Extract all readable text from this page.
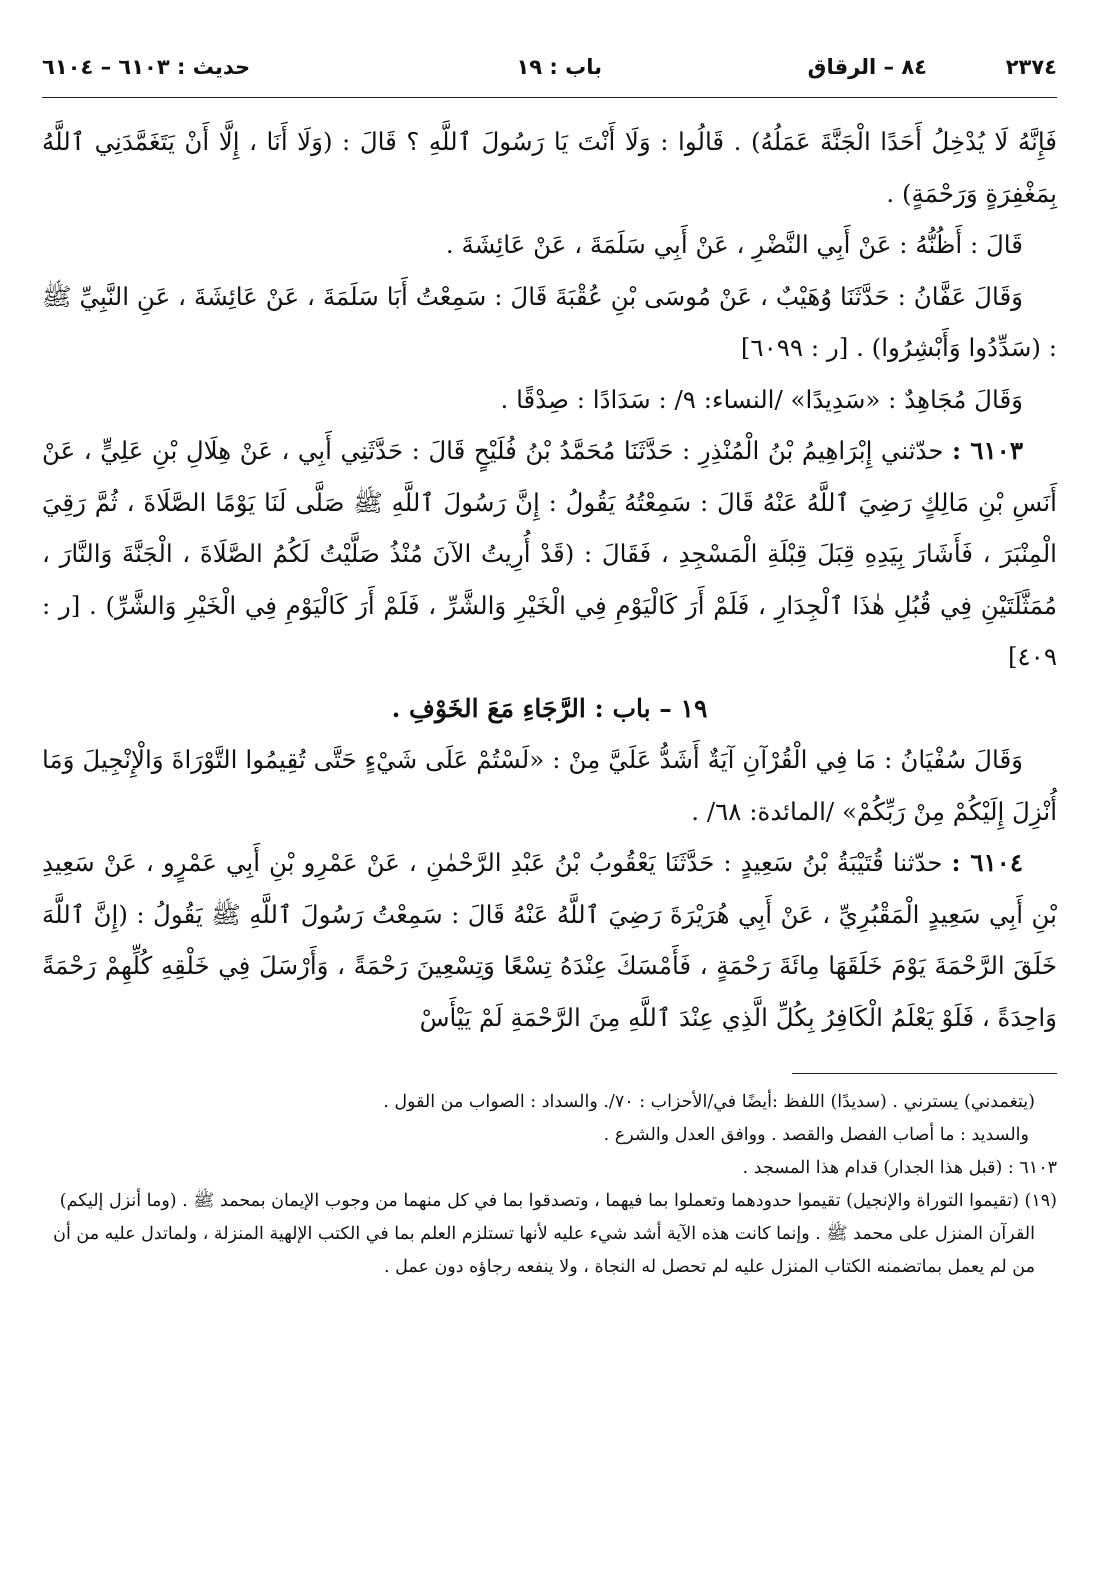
٢٣٧٤
٨٤ – الرقاق
باب : ١٩
حديث : ٦١٠٣ – ٦١٠٤

فَإِنَّهُ لَا يُدْخِلُ أَحَدًا الْجَنَّةَ عَمَلُهُ) . قَالُوا : وَلَا أَنْتَ يَا رَسُولَ ٱللَّهِ ؟ قَالَ : (وَلَا أَنَا ، إِلَّا أَنْ يَتَغَمَّدَنِي ٱللَّهُ بِمَغْفِرَةٍ وَرَحْمَةٍ) .

قَالَ : أَظُنُّهُ : عَنْ أَبِي النَّضْرِ ، عَنْ أَبِي سَلَمَةَ ، عَنْ عَائِشَةَ .

وَقَالَ عَفَّانُ : حَدَّثَنَا وُهَيْبٌ ، عَنْ مُوسَى بْنِ عُقْبَةَ قَالَ : سَمِعْتُ أَبَا سَلَمَةَ ، عَنْ عَائِشَةَ ، عَنِ النَّبِيِّ ﷺ : (سَدِّدُوا وَأَبْشِرُوا) . [ر : ٦٠٩٩]

وَقَالَ مُجَاهِدٌ : «سَدِيدًا» /النساء: ٩/ : سَدَادًا : صِدْقًا .

٦١٠٣ : حدّثني إِبْرَاهِيمُ بْنُ الْمُنْذِرِ : حَدَّثَنَا مُحَمَّدُ بْنُ فُلَيْحٍ قَالَ : حَدَّثَنِي أَبِي ، عَنْ هِلَالِ بْنِ عَلِيٍّ ، عَنْ أَنَسِ بْنِ مَالِكٍ رَضِيَ ٱللَّهُ عَنْهُ قَالَ : سَمِعْتُهُ يَقُولُ : إِنَّ رَسُولَ ٱللَّهِ ﷺ صَلَّى لَنَا يَوْمًا الصَّلَاةَ ، ثُمَّ رَقِيَ الْمِنْبَرَ ، فَأَشَارَ بِيَدِهِ قِبَلَ قِبْلَةِ الْمَسْجِدِ ، فَقَالَ : (قَدْ أُرِيتُ الآنَ مُنْذُ صَلَّيْتُ لَكُمُ الصَّلَاةَ ، الْجَنَّةَ وَالنَّارَ ، مُمَثَّلَتَيْنِ فِي قُبُلِ هٰذَا ٱلْجِدَارِ ، فَلَمْ أَرَ كَالْيَوْمِ فِي الْخَيْرِ وَالشَّرِّ ، فَلَمْ أَرَ كَالْيَوْمِ فِي الْخَيْرِ وَالشَّرِّ) . [ر : ٤٠٩]

١٩ – باب : الرَّجَاءِ مَعَ الخَوْفِ .

وَقَالَ سُفْيَانُ : مَا فِي الْقُرْآنِ آيَةٌ أَشَدُّ عَلَيَّ مِنْ : «لَسْتُمْ عَلَى شَيْءٍ حَتَّى تُقِيمُوا التَّوْرَاةَ وَالْإِنْجِيلَ وَمَا أُنْزِلَ إِلَيْكُمْ مِنْ رَبِّكُمْ» /المائدة: ٦٨/ .

٦١٠٤ : حدّثنا قُتَيْبَةُ بْنُ سَعِيدٍ : حَدَّثَنَا يَعْقُوبُ بْنُ عَبْدِ الرَّحْمٰنِ ، عَنْ عَمْرِو بْنِ أَبِي عَمْرٍو ، عَنْ سَعِيدِ بْنِ أَبِي سَعِيدٍ الْمَقْبُرِيِّ ، عَنْ أَبِي هُرَيْرَةَ رَضِيَ ٱللَّهُ عَنْهُ قَالَ : سَمِعْتُ رَسُولَ ٱللَّهِ ﷺ يَقُولُ : (إِنَّ ٱللَّهَ خَلَقَ الرَّحْمَةَ يَوْمَ خَلَقَهَا مِائَةَ رَحْمَةٍ ، فَأَمْسَكَ عِنْدَهُ تِسْعًا وَتِسْعِينَ رَحْمَةً ، وَأَرْسَلَ فِي خَلْقِهِ كُلِّهِمْ رَحْمَةً وَاحِدَةً ، فَلَوْ يَعْلَمُ الْكَافِرُ بِكُلِّ الَّذِي عِنْدَ ٱللَّهِ مِنَ الرَّحْمَةِ لَمْ يَيْأَسْ

(يتغمدني) يسترني . (سديدًا) اللفظ :أيضًا في/الأحزاب : ٧٠/. والسداد : الصواب من القول .

والسديد : ما أصاب الفصل والقصد . ووافق العدل والشرع .

٦١٠٣ : (قبل هذا الجدار) قدام هذا المسجد .

(١٩) (تقيموا التوراة والإنجيل) تقيموا حدودهما وتعملوا بما فيهما ، وتصدقوا بما في كل منهما من وجوب الإيمان بمحمد ﷺ . (وما أنزل إليكم) القرآن المنزل على محمد ﷺ . وإنما كانت هذه الآية أشد شيء عليه لأنها تستلزم العلم بما في الكتب الإلهية المنزلة ، ولماتدل عليه من أن من لم يعمل بماتضمنه الكتاب المنزل عليه لم تحصل له النجاة ، ولا ينفعه رجاؤه دون عمل .
